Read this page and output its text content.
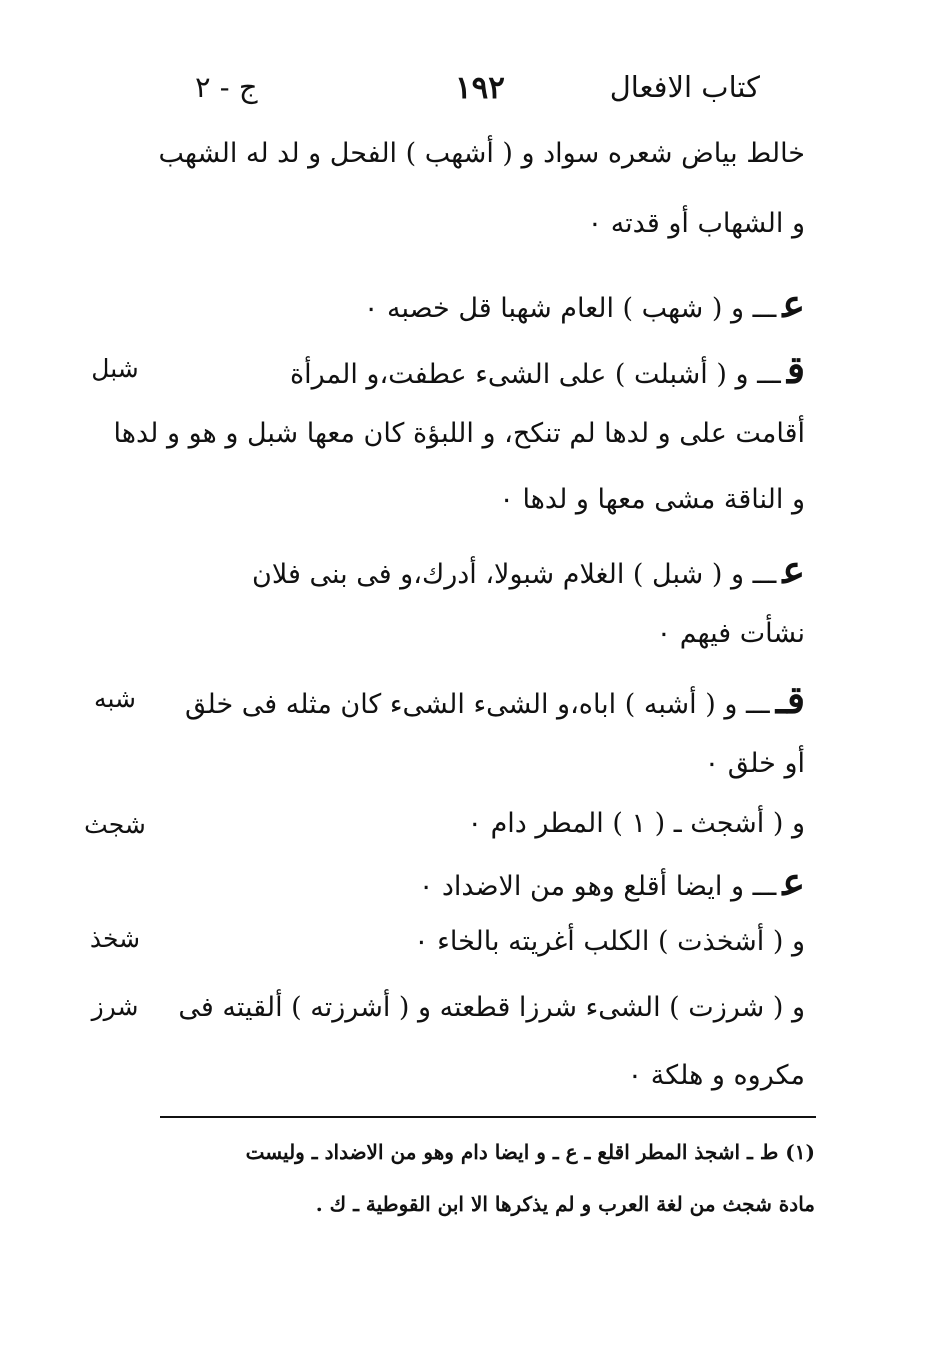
كتاب الافعال
١٩٢
ج - ٢
خالط بياض شعره سواد و ( أشهب ) الفحل و لد له الشهب
و الشهاب أو قدته ٠
عـــ و ( شهب ) العام شهبا قل خصبه ٠
قـــ و ( أشبلت ) علی الشیء عطفت،و المرأة
أقامت علی و لدها لم تنكح، و اللبؤة كان معها شبل و هو و لدها
و الناقة مشی معها و لدها ٠
عـــ و ( شبل ) الغلام شبولا، أدرك،و فی بنی فلان
نشأت فیهم ٠
قــــ و ( أشبه ) اباه،و الشیء الشیء كان مثله فی خلق
أو خلق ٠
و ( أشجث ـ ( ١ ) المطر دام ٠
عـــ و ایضا أقلع وهو من الاضداد ٠
و ( أشخذت ) الكلب أغریته بالخاء ٠
و ( شرزت ) الشیء شرزا قطعته و ( أشرزته ) ألقیته فی
مكروه و هلكة ٠
شبل
شبه
شجث
شخذ
شرز
(١) ط ـ اشجذ المطر اقلع ـ ع ـ و ایضا دام وهو من الاضداد ـ ولیست
مادة شجث من لغة العرب و لم یذكرها الا ابن القوطیة ـ ك .
